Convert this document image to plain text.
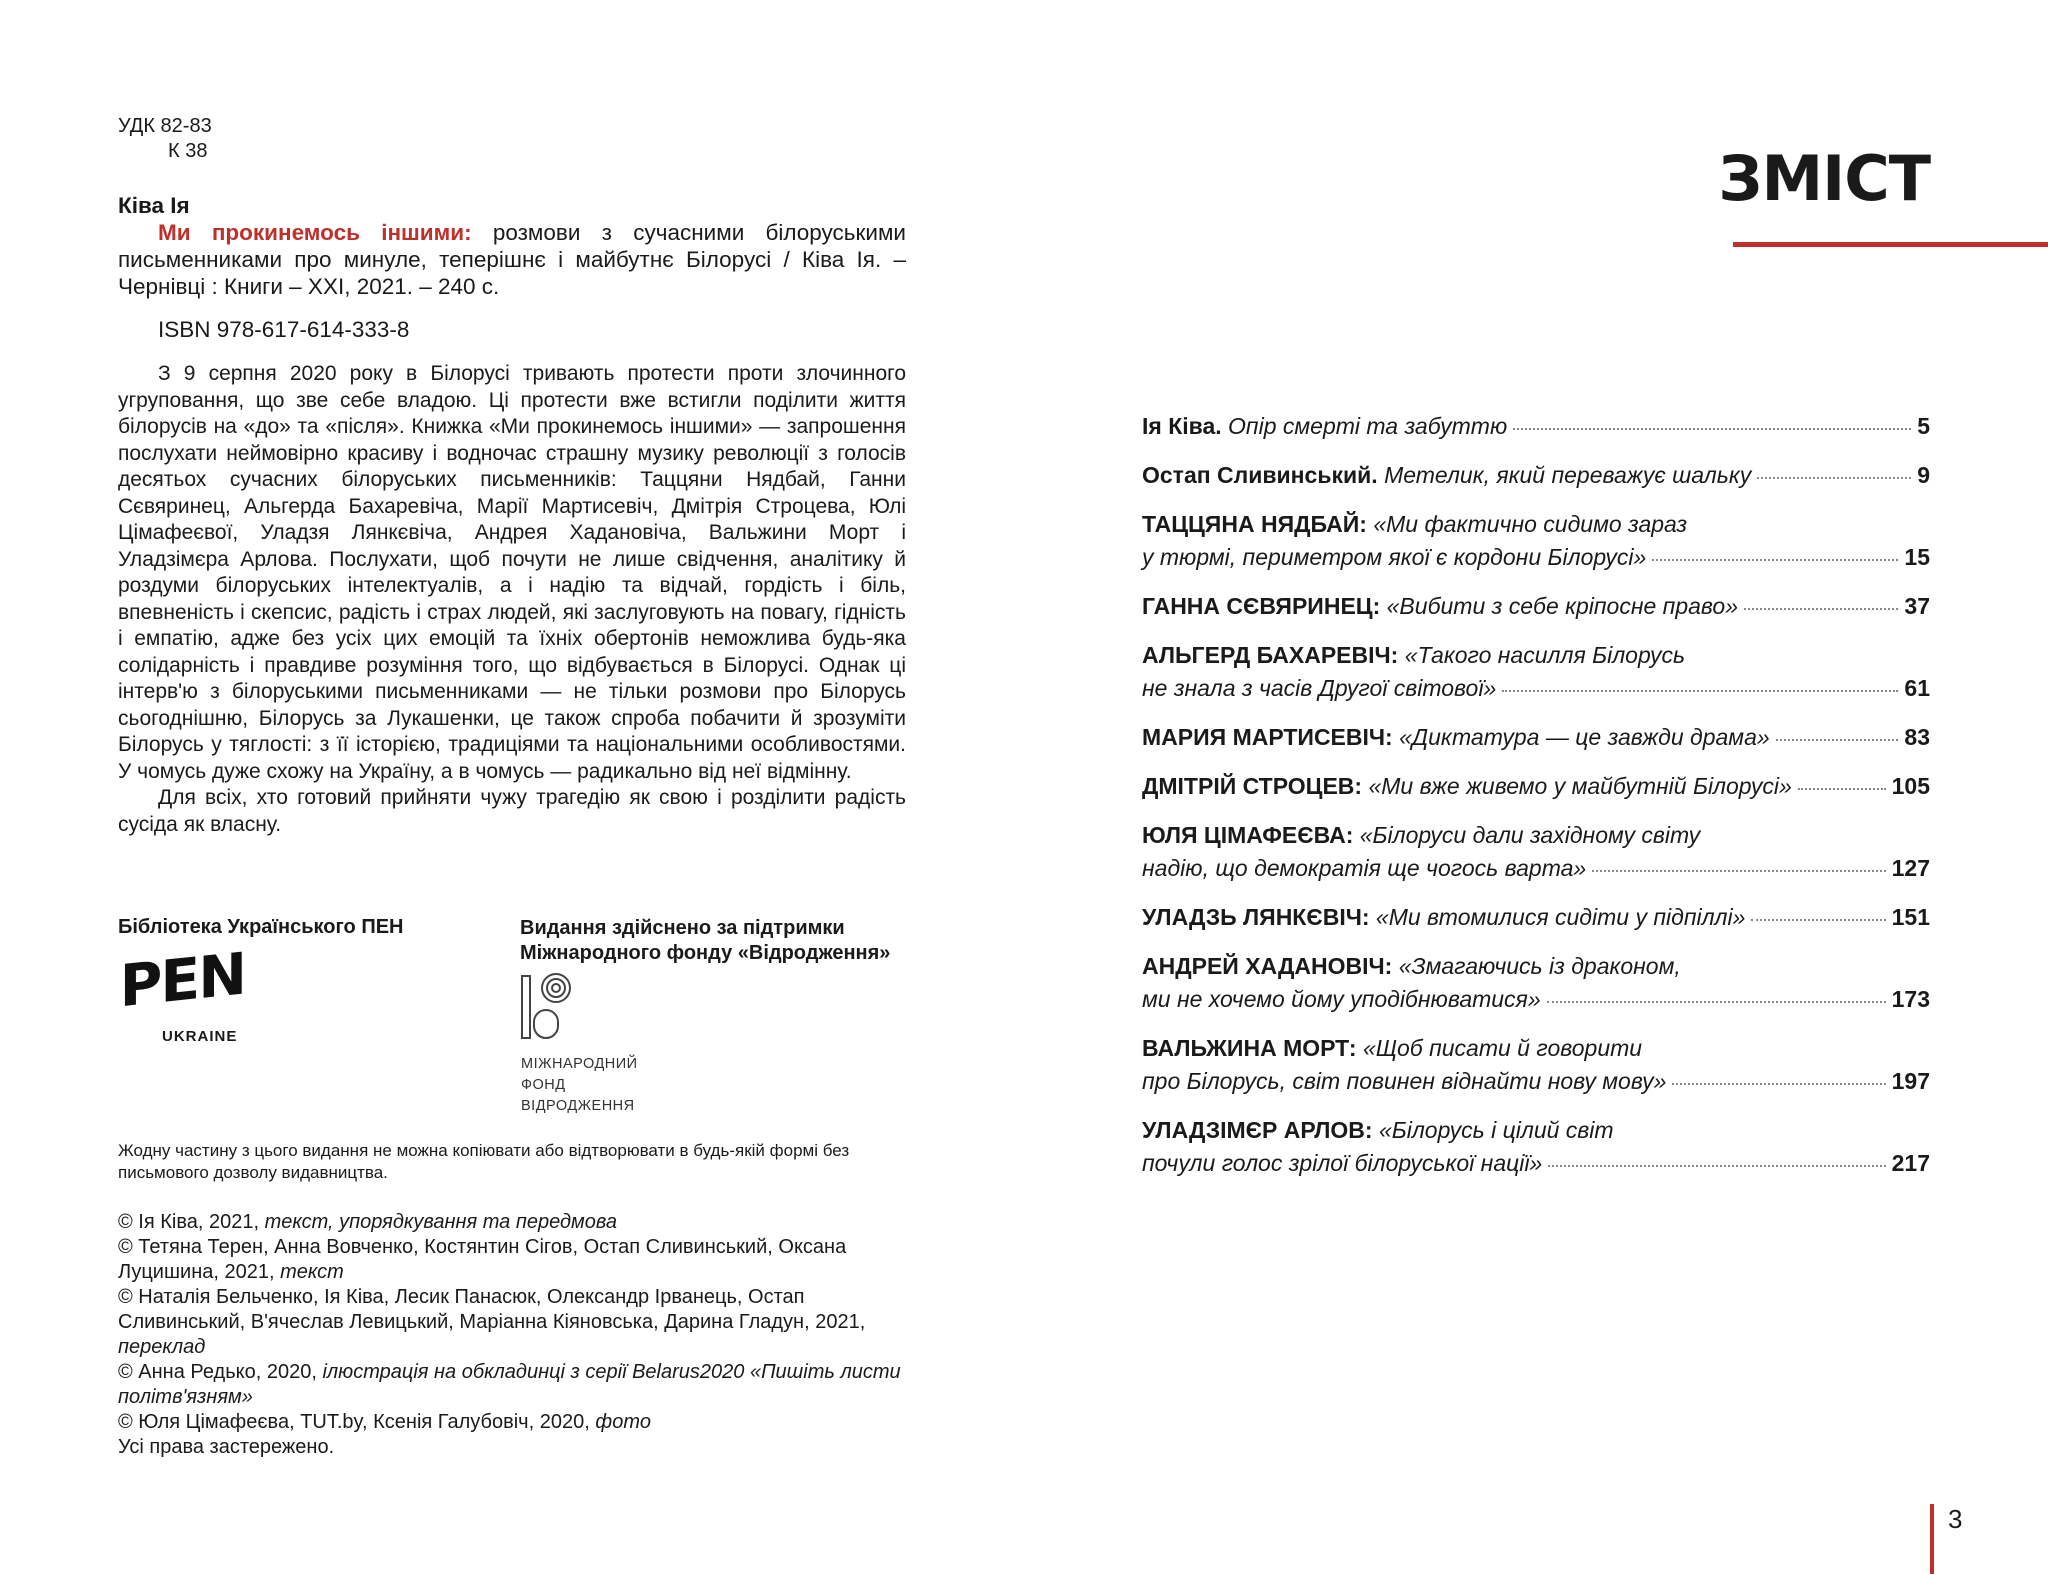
УДК 82-83
К 38
Ківа Ія
Ми прокинемось іншими: розмови з сучасними білоруськими письменниками про минуле, теперішнє і майбутнє Білорусі / Ківа Ія. – Чернівці : Книги – ХХІ, 2021. – 240 с.
ISBN 978-617-614-333-8

З 9 серпня 2020 року в Білорусі тривають протести проти злочинного угруповання, що зве себе владою. Ці протести вже встигли поділити життя білорусів на «до» та «після». Книжка «Ми прокинемось іншими» — запрошення послухати неймовірно красиву і водночас страшну музику революції з голосів десятьох сучасних білоруських письменників: Таццяни Нядбай, Ганни Сєвяринец, Альгерда Бахаревіча, Марії Мартисевіч, Дмітрія Строцева, Юлі Цімафеєвої, Уладзя Лянкєвіча, Андрея Хадановіча, Вальжини Морт і Уладзімєра Арлова. Послухати, щоб почути не лише свідчення, аналітику й роздуми білоруських інтелектуалів, а і надію та відчай, гордість і біль, впевненість і скепсис, радість і страх людей, які заслуговують на повагу, гідність і емпатію, адже без усіх цих емоцій та їхніх обертонів неможлива будь-яка солідарність і правдиве розуміння того, що відбувається в Білорусі. Однак ці інтерв'ю з білоруськими письменниками — не тільки розмови про Білорусь сьогоднішню, Білорусь за Лукашенки, це також спроба побачити й зрозуміти Білорусь у тяглості: з її історією, традиціями та національними особливостями. У чомусь дуже схожу на Україну, а в чомусь — радикально від неї відмінну.

Для всіх, хто готовий прийняти чужу трагедію як свою і розділити радість сусіда як власну.

Бібліотека Українського ПЕН
PEN
UKRAINE
Видання здійснено за підтримки
Міжнародного фонду «Відродження»
МІЖНАРОДНИЙ
ФОНД
ВІДРОДЖЕННЯ
Жодну частину з цього видання не можна копіювати або відтворювати в будь-якій формі без письмового дозволу видавництва.
© Ія Ківа, 2021, текст, упорядкування та передмова
© Тетяна Терен, Анна Вовченко, Костянтин Сігов, Остап Сливинський, Оксана Луцишина, 2021, текст
© Наталія Бельченко, Ія Ківа, Лесик Панасюк, Олександр Ірванець, Остап Сливинський, В'ячеслав Левицький, Маріанна Кіяновська, Дарина Гладун, 2021, переклад
© Анна Редько, 2020, ілюстрація на обкладинці з серії Belarus2020 «Пишіть листи політв'язням»
© Юля Цімафеєва, TUT.by, Ксенія Галубовіч, 2020, фото
Усі права застережено.
ЗМІСТ
Ія Ківа. Опір смерті та забуттю	5
Остап Сливинський. Метелик, який переважує шальку	9
ТАЦЦЯНА НЯДБАЙ: «Ми фактично сидимо зараз
у тюрмі, периметром якої є кордони Білорусі»	15
ГАННА СЄВЯРИНЕЦ: «Вибити з себе кріпосне право»	37
АЛЬГЕРД БАХАРЕВІЧ: «Такого насилля Білорусь
не знала з часів Другої світової»	61
МАРИЯ МАРТИСЕВІЧ: «Диктатура — це завжди драма»	83
ДМІТРІЙ СТРОЦЕВ: «Ми вже живемо у майбутній Білорусі»	105
ЮЛЯ ЦІМАФЕЄВА: «Білоруси дали західному світу
надію, що демократія ще чогось варта»	127
УЛАДЗЬ ЛЯНКЄВІЧ: «Ми втомилися сидіти у підпіллі»	151
АНДРЕЙ ХАДАНОВІЧ: «Змагаючись із драконом,
ми не хочемо йому уподібнюватися»	173
ВАЛЬЖИНА МОРТ: «Щоб писати й говорити
про Білорусь, світ повинен віднайти нову мову»	197
УЛАДЗІМЄР АРЛОВ: «Білорусь і цілий світ
почули голос зрілої білоруської нації»	217
3
